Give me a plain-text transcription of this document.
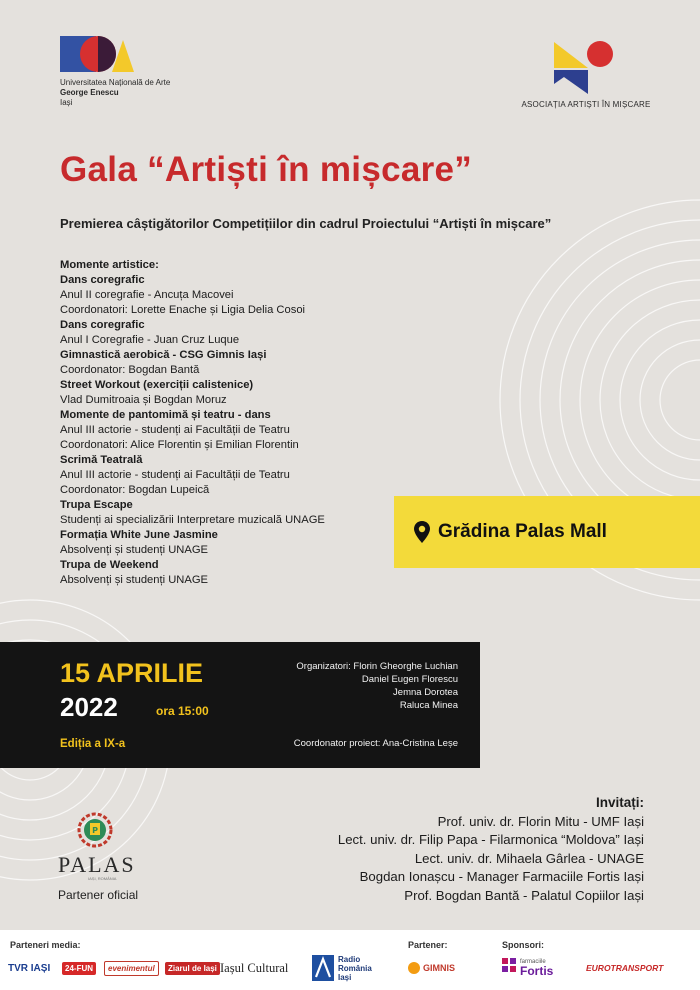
Universitatea Națională de Arte
George Enescu
Iași	ASOCIAȚIA ARTIȘTI ÎN MIȘCARE
Gala “Artiști în mișcare”
Premierea câștigătorilor Competițiilor din cadrul Proiectului “Artiști în mișcare”
Momente artistice:
Dans coregrafic
Anul II coregrafie - Ancuța Macovei
Coordonatori: Lorette Enache și Ligia Delia Cosoi
Dans coregrafic
Anul I Coregrafie - Juan Cruz Luque
Gimnastică aerobică - CSG Gimnis Iași
Coordonator: Bogdan Bantă
Street Workout (exerciții calistenice)
Vlad Dumitroaia și Bogdan Moruz
Momente de pantomimă și teatru - dans
Anul III actorie - studenți ai Facultății de Teatru
Coordonatori: Alice Florentin și Emilian Florentin
Scrimă Teatrală
Anul III actorie - studenți ai Facultății de Teatru
Coordonator: Bogdan Lupeică
Trupa Escape
Studenți ai specializării Interpretare muzicală UNAGE
Formația White June Jasmine
Absolvenți și studenți UNAGE
Trupa de Weekend
Absolvenți și studenți UNAGE
Grădina Palas Mall
15 APRILIE
2022	ora 15:00
Ediția a IX-a
Organizatori: Florin Gheorghe Luchian
Daniel Eugen Florescu
Jemna Dorotea
Raluca Minea
Coordonator proiect: Ana-Cristina Leșe
P
PALAS
IAȘI, ROMÂNIA
Partener oficial
Invitați:
Prof. univ. dr. Florin Mitu - UMF Iași
Lect. univ. dr. Filip Papa - Filarmonica “Moldova” Iași
Lect. univ. dr. Mihaela Gârlea - UNAGE
Bogdan Ionașcu - Manager Farmaciile Fortis Iași
Prof. Bogdan Bantă - Palatul Copiilor Iași
Parteneri media:	Partener:	Sponsori:
TVR IAȘI	24-FUN	evenimentul	Ziarul de Iași Iașul Cultural
Radio
România
Iași
GIMNIS
farmaciile
Fortis	EUROTRANSPORT
